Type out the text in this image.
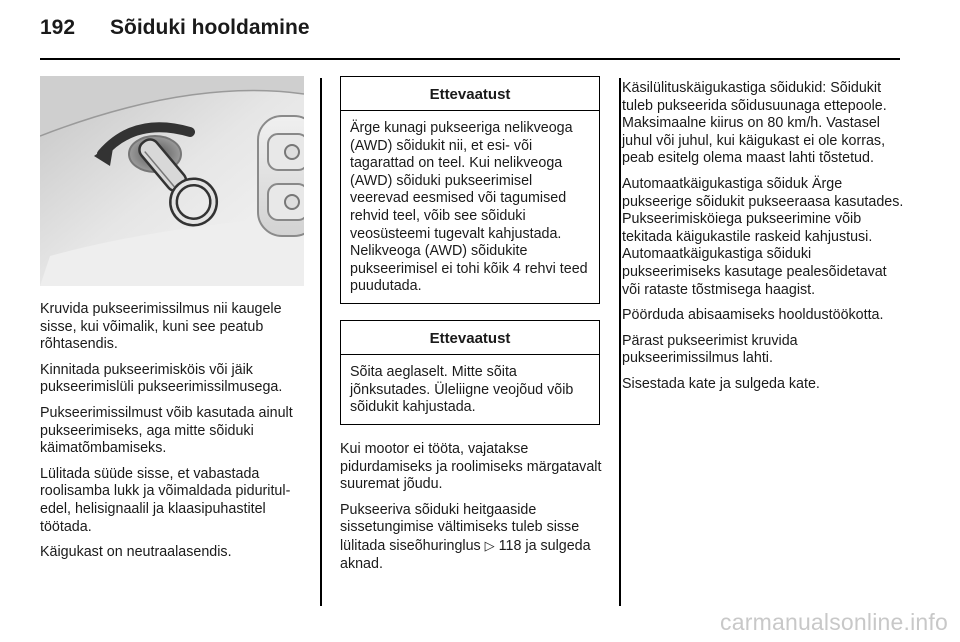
192 Sõiduki hooldamine

Kruvida pukseerimissilmus nii kaugele sisse, kui võimalik, kuni see peatub rõhtasendis.

Kinnitada pukseerimisköis või jäik pukseerimislüli pukseerimissilmusega.

Pukseerimissilmust võib kasutada ainult pukseerimiseks, aga mitte sõiduki käimatõmbamiseks.

Lülitada süüde sisse, et vabastada roolisamba lukk ja võimaldada pidurituledel, helisignaalil ja klaasipuhastitel töötada.

Käigukast on neutraalasendis.

Ettevaatust
Ärge kunagi pukseeriga nelikveoga (AWD) sõidukit nii, et esi- või tagarattad on teel. Kui nelikveoga (AWD) sõiduki pukseerimisel veerevad eesmised või tagumised rehvid teel, võib see sõiduki veosüsteemi tugevalt kahjustada. Nelikveoga (AWD) sõidukite pukseerimisel ei tohi kõik 4 rehvi teed puudutada.
Ettevaatust
Sõita aeglaselt. Mitte sõita jõnksutades. Üleliigne veojõud võib sõidukit kahjustada.

Kui mootor ei tööta, vajatakse pidurdamiseks ja roolimiseks märgatavalt suuremat jõudu.

Pukseeriva sõiduki heitgaaside sissetungimise vältimiseks tuleb sisse lülitada siseõhuringlus ▷ 118 ja sulgeda aknad.

Käsilülituskäigukastiga sõidukid: Sõidukit tuleb pukseerida sõidusuunaga ettepoole. Maksimaalne kiirus on 80 km/h. Vastasel juhul või juhul, kui käigukast ei ole korras, peab esitelg olema maast lahti tõstetud.

Automaatkäigukastiga sõiduk Ärge pukseerige sõidukit pukseeraasa kasutades. Pukseerimisköiega pukseerimine võib tekitada käigukastile raskeid kahjustusi. Automaatkäigukastiga sõiduki pukseerimiseks kasutage pealesõidetavat või rataste tõstmisega haagist.

Pöörduda abisaamiseks hooldustöökotta.

Pärast pukseerimist kruvida pukseerimissilmus lahti.

Sisestada kate ja sulgeda kate.

carmanualsonline.info
